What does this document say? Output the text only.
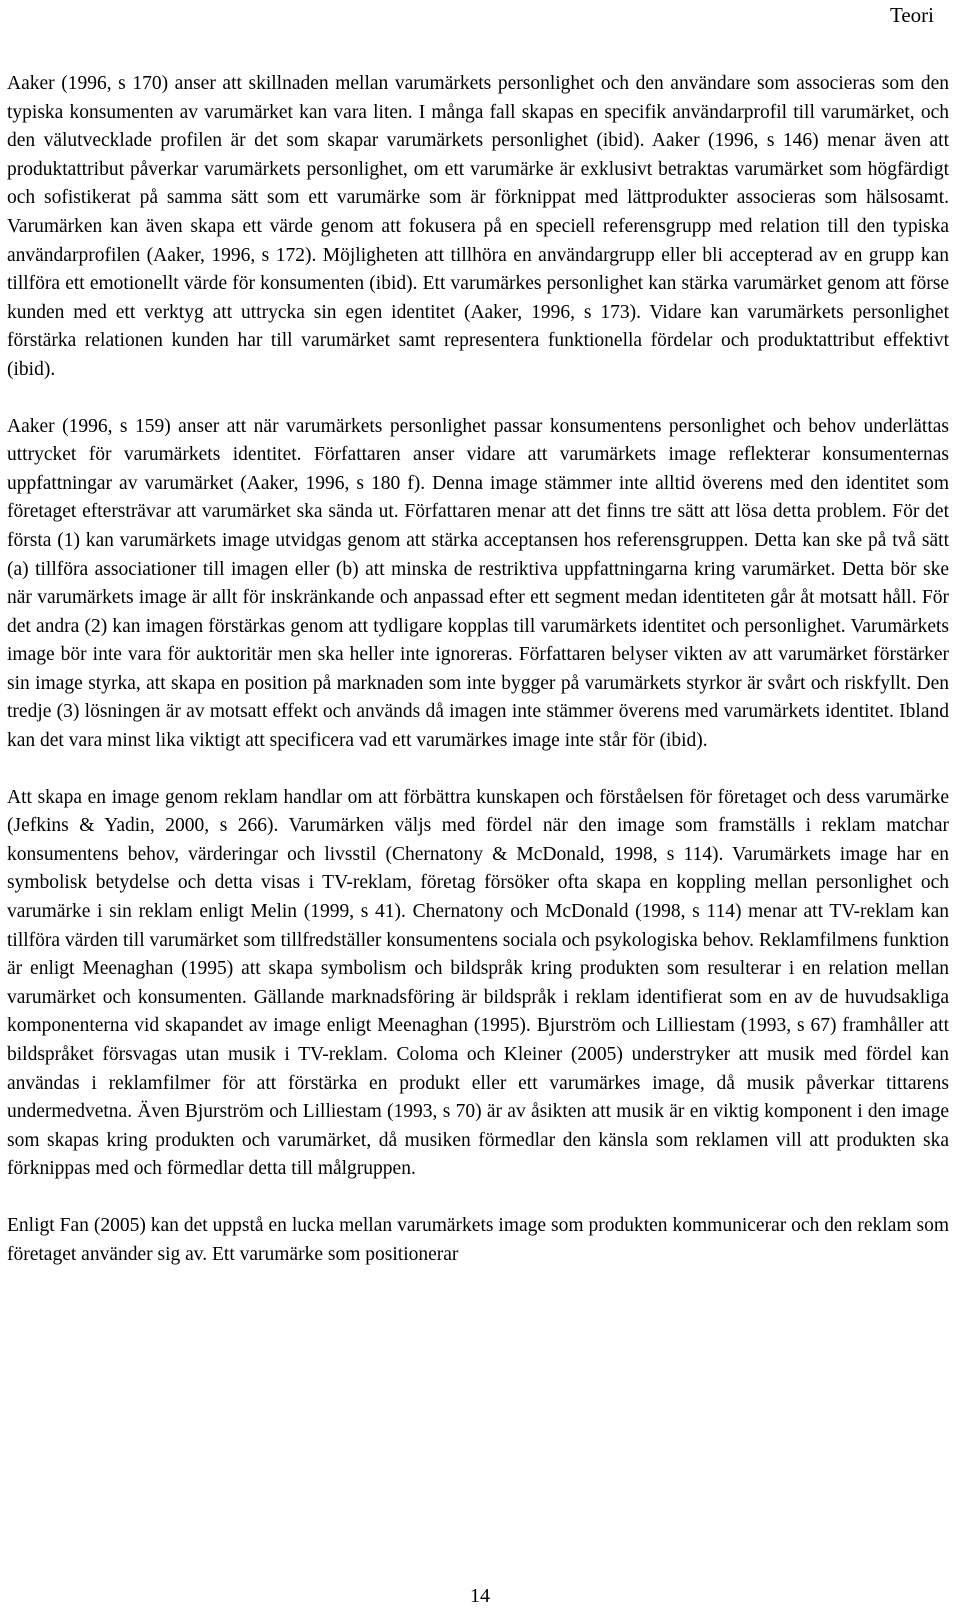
Teori

Aaker (1996, s 170) anser att skillnaden mellan varumärkets personlighet och den användare som associeras som den typiska konsumenten av varumärket kan vara liten. I många fall skapas en specifik användarprofil till varumärket, och den välutvecklade profilen är det som skapar varumärkets personlighet (ibid). Aaker (1996, s 146) menar även att produktattribut påverkar varumärkets personlighet, om ett varumärke är exklusivt betraktas varumärket som högfärdigt och sofistikerat på samma sätt som ett varumärke som är förknippat med lättprodukter associeras som hälsosamt. Varumärken kan även skapa ett värde genom att fokusera på en speciell referensgrupp med relation till den typiska användarprofilen (Aaker, 1996, s 172). Möjligheten att tillhöra en användargrupp eller bli accepterad av en grupp kan tillföra ett emotionellt värde för konsumenten (ibid). Ett varumärkes personlighet kan stärka varumärket genom att förse kunden med ett verktyg att uttrycka sin egen identitet (Aaker, 1996, s 173). Vidare kan varumärkets personlighet förstärka relationen kunden har till varumärket samt representera funktionella fördelar och produktattribut effektivt (ibid).

Aaker (1996, s 159) anser att när varumärkets personlighet passar konsumentens personlighet och behov underlättas uttrycket för varumärkets identitet. Författaren anser vidare att varumärkets image reflekterar konsumenternas uppfattningar av varumärket (Aaker, 1996, s 180 f). Denna image stämmer inte alltid överens med den identitet som företaget eftersträvar att varumärket ska sända ut. Författaren menar att det finns tre sätt att lösa detta problem. För det första (1) kan varumärkets image utvidgas genom att stärka acceptansen hos referensgruppen. Detta kan ske på två sätt (a) tillföra associationer till imagen eller (b) att minska de restriktiva uppfattningarna kring varumärket. Detta bör ske när varumärkets image är allt för inskränkande och anpassad efter ett segment medan identiteten går åt motsatt håll. För det andra (2) kan imagen förstärkas genom att tydligare kopplas till varumärkets identitet och personlighet. Varumärkets image bör inte vara för auktoritär men ska heller inte ignoreras. Författaren belyser vikten av att varumärket förstärker sin image styrka, att skapa en position på marknaden som inte bygger på varumärkets styrkor är svårt och riskfyllt. Den tredje (3) lösningen är av motsatt effekt och används då imagen inte stämmer överens med varumärkets identitet. Ibland kan det vara minst lika viktigt att specificera vad ett varumärkes image inte står för (ibid).

Att skapa en image genom reklam handlar om att förbättra kunskapen och förståelsen för företaget och dess varumärke (Jefkins & Yadin, 2000, s 266). Varumärken väljs med fördel när den image som framställs i reklam matchar konsumentens behov, värderingar och livsstil (Chernatony & McDonald, 1998, s 114). Varumärkets image har en symbolisk betydelse och detta visas i TV-reklam, företag försöker ofta skapa en koppling mellan personlighet och varumärke i sin reklam enligt Melin (1999, s 41). Chernatony och McDonald (1998, s 114) menar att TV-reklam kan tillföra värden till varumärket som tillfredställer konsumentens sociala och psykologiska behov. Reklamfilmens funktion är enligt Meenaghan (1995) att skapa symbolism och bildspråk kring produkten som resulterar i en relation mellan varumärket och konsumenten. Gällande marknadsföring är bildspråk i reklam identifierat som en av de huvudsakliga komponenterna vid skapandet av image enligt Meenaghan (1995). Bjurström och Lilliestam (1993, s 67) framhåller att bildspråket försvagas utan musik i TV-reklam. Coloma och Kleiner (2005) understryker att musik med fördel kan användas i reklamfilmer för att förstärka en produkt eller ett varumärkes image, då musik påverkar tittarens undermedvetna. Även Bjurström och Lilliestam (1993, s 70) är av åsikten att musik är en viktig komponent i den image som skapas kring produkten och varumärket, då musiken förmedlar den känsla som reklamen vill att produkten ska förknippas med och förmedlar detta till målgruppen.

Enligt Fan (2005) kan det uppstå en lucka mellan varumärkets image som produkten kommunicerar och den reklam som företaget använder sig av. Ett varumärke som positionerar

14
